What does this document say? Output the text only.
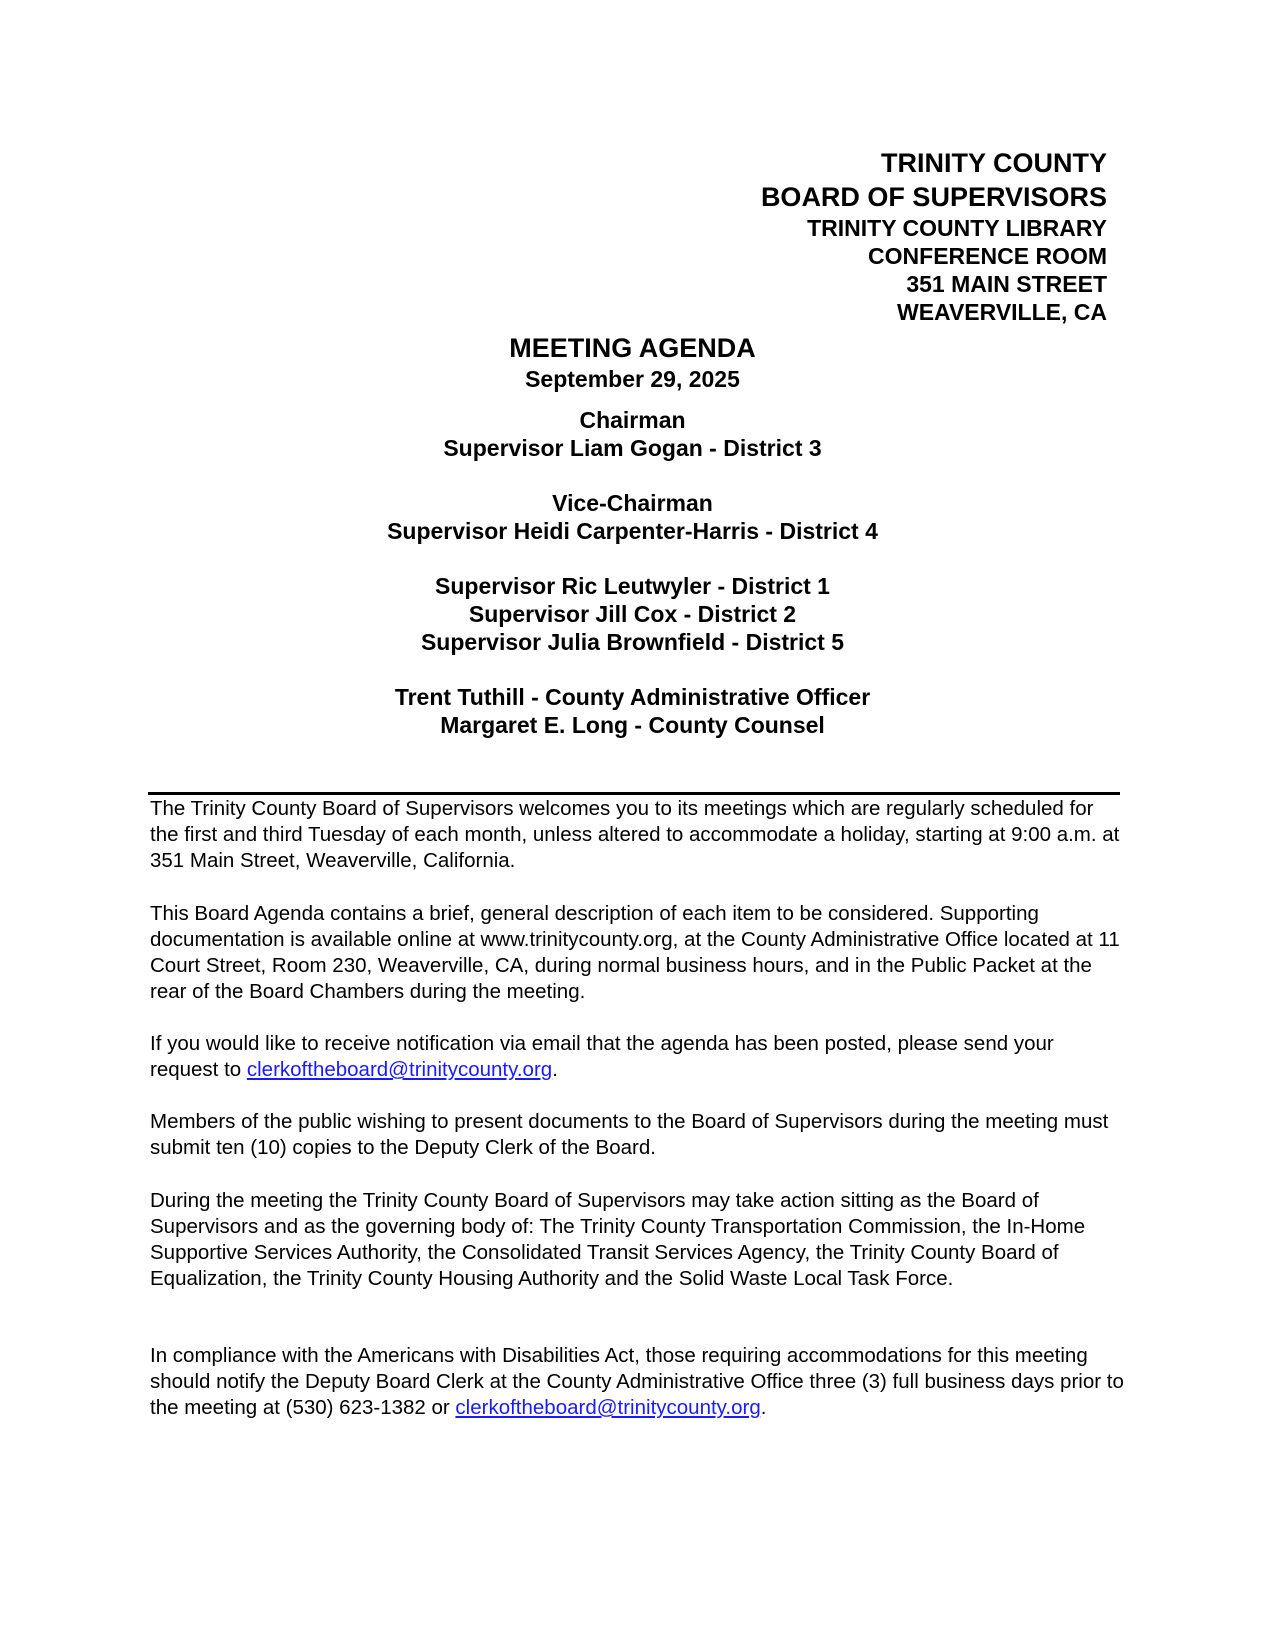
TRINITY COUNTY
BOARD OF SUPERVISORS
TRINITY COUNTY LIBRARY
CONFERENCE ROOM
351 MAIN STREET
WEAVERVILLE, CA
MEETING AGENDA
September 29, 2025
Chairman
Supervisor Liam Gogan - District 3
Vice-Chairman
Supervisor Heidi Carpenter-Harris - District 4
Supervisor Ric Leutwyler - District 1
Supervisor Jill Cox - District 2
Supervisor Julia Brownfield - District 5
Trent Tuthill - County Administrative Officer
Margaret E. Long - County Counsel

The Trinity County Board of Supervisors welcomes you to its meetings which are regularly scheduled for the first and third Tuesday of each month, unless altered to accommodate a holiday, starting at 9:00 a.m. at 351 Main Street, Weaverville, California.

This Board Agenda contains a brief, general description of each item to be considered. Supporting documentation is available online at www.trinitycounty.org, at the County Administrative Office located at 11 Court Street, Room 230, Weaverville, CA, during normal business hours, and in the Public Packet at the rear of the Board Chambers during the meeting.

If you would like to receive notification via email that the agenda has been posted, please send your request to clerkoftheboard@trinitycounty.org.

Members of the public wishing to present documents to the Board of Supervisors during the meeting must submit ten (10) copies to the Deputy Clerk of the Board.

During the meeting the Trinity County Board of Supervisors may take action sitting as the Board of Supervisors and as the governing body of: The Trinity County Transportation Commission, the In-Home Supportive Services Authority, the Consolidated Transit Services Agency, the Trinity County Board of Equalization, the Trinity County Housing Authority and the Solid Waste Local Task Force.

In compliance with the Americans with Disabilities Act, those requiring accommodations for this meeting should notify the Deputy Board Clerk at the County Administrative Office three (3) full business days prior to the meeting at (530) 623-1382 or clerkoftheboard@trinitycounty.org.
